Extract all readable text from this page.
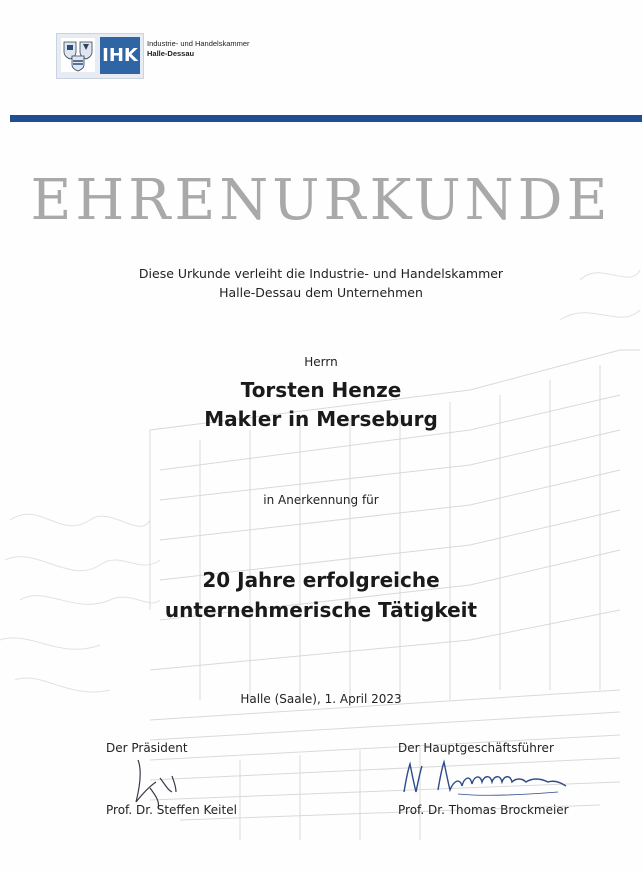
IHK
Industrie- und Handelskammer
Halle-Dessau
EHRENURKUNDE
Diese Urkunde verleiht die Industrie- und Handelskammer
Halle-Dessau dem Unternehmen
Herrn
Torsten Henze
Makler in Merseburg
in Anerkennung für
20 Jahre erfolgreiche
unternehmerische Tätigkeit
Halle (Saale), 1. April 2023
Der Präsident
Prof. Dr. Steffen Keitel
Der Hauptgeschäftsführer
Prof. Dr. Thomas Brockmeier
